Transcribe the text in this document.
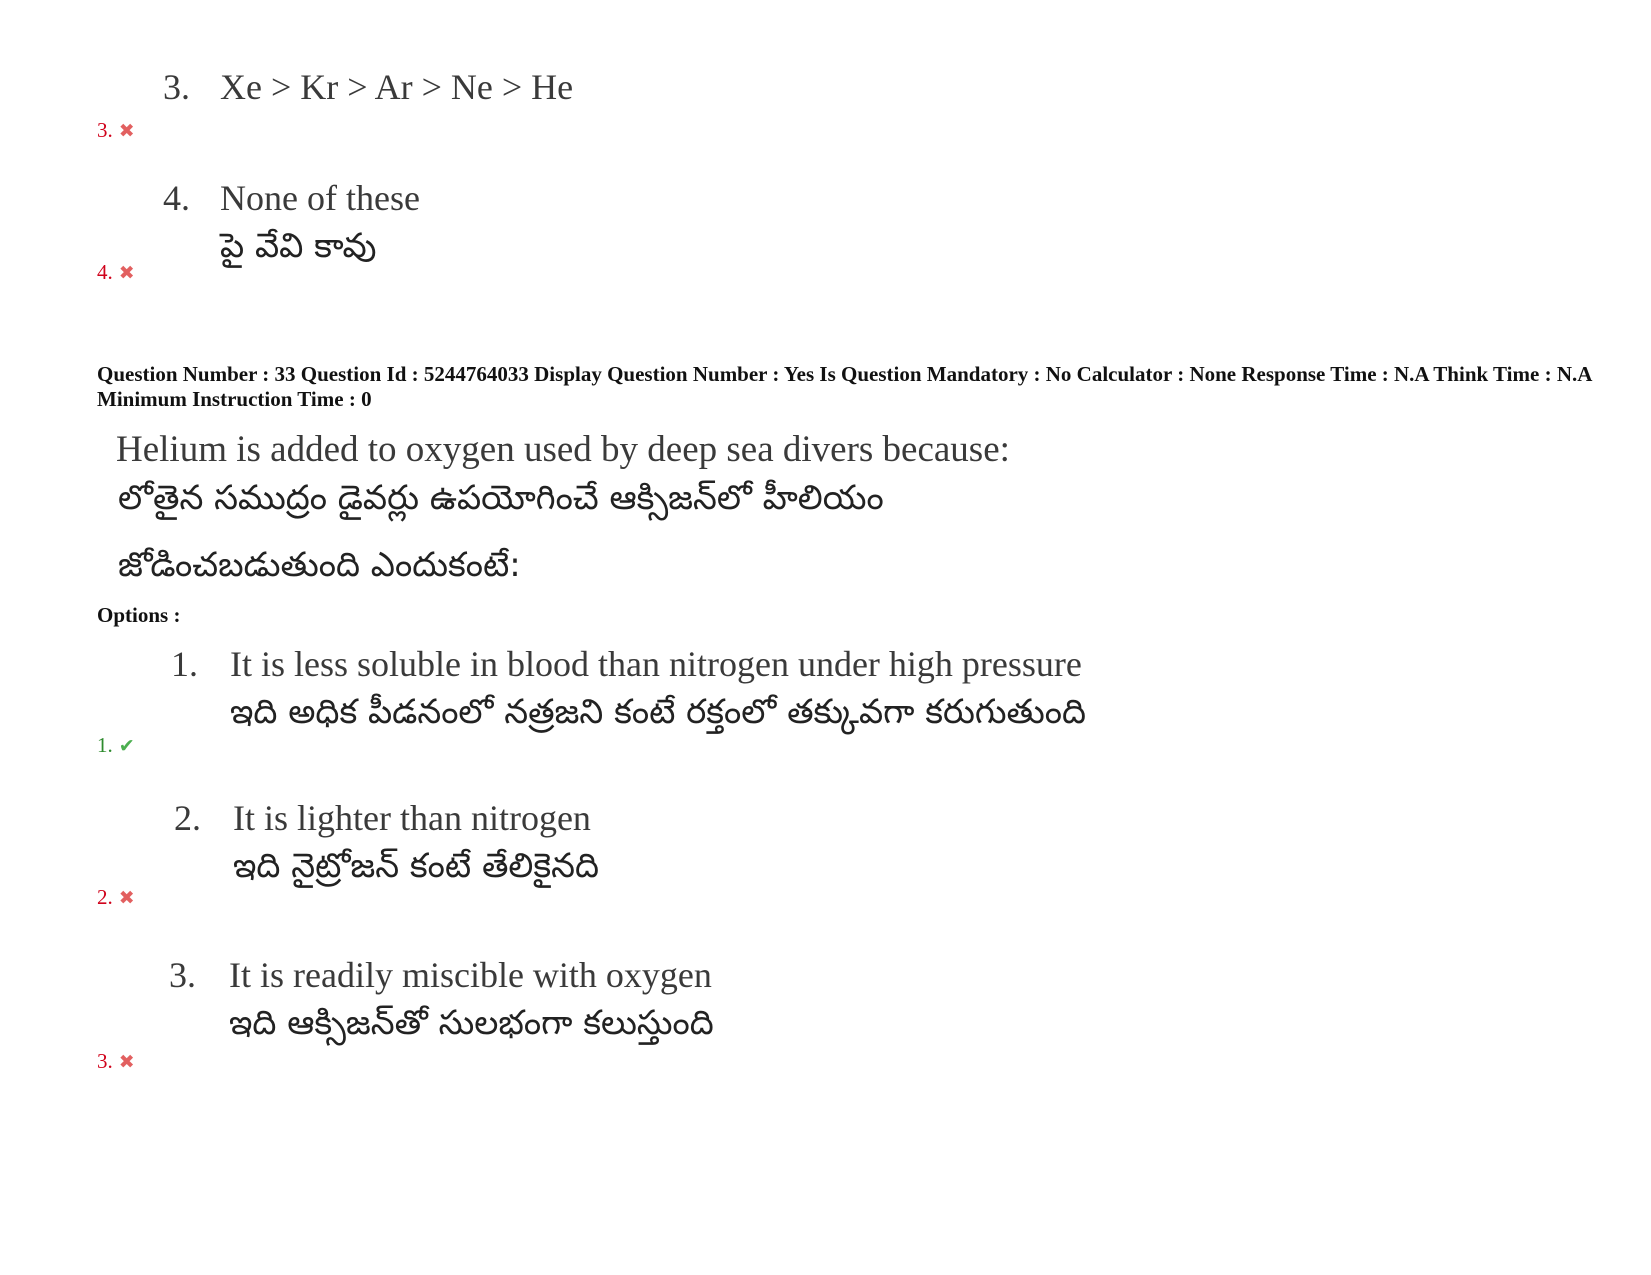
3. Xe > Kr > Ar > Ne > He
3. ✖
4. None of these
పై వేవి కావు
4. ✖
Question Number : 33 Question Id : 5244764033 Display Question Number : Yes Is Question Mandatory : No Calculator : None Response Time : N.A Think Time : N.A Minimum Instruction Time : 0
Helium is added to oxygen used by deep sea divers because:
లోతైన సముద్రం డైవర్లు ఉపయోగించే ఆక్సిజన్‌లో హీలియం
జోడించబడుతుంది ఎందుకంటే:
Options :
1. It is less soluble in blood than nitrogen under high pressure
ఇది అధిక పీడనంలో నత్రజని కంటే రక్తంలో తక్కువగా కరుగుతుంది
1. ✔
2. It is lighter than nitrogen
ఇది నైట్రోజన్ కంటే తేలికైనది
2. ✖
3. It is readily miscible with oxygen
ఇది ఆక్సిజన్‌తో సులభంగా కలుస్తుంది
3. ✖
